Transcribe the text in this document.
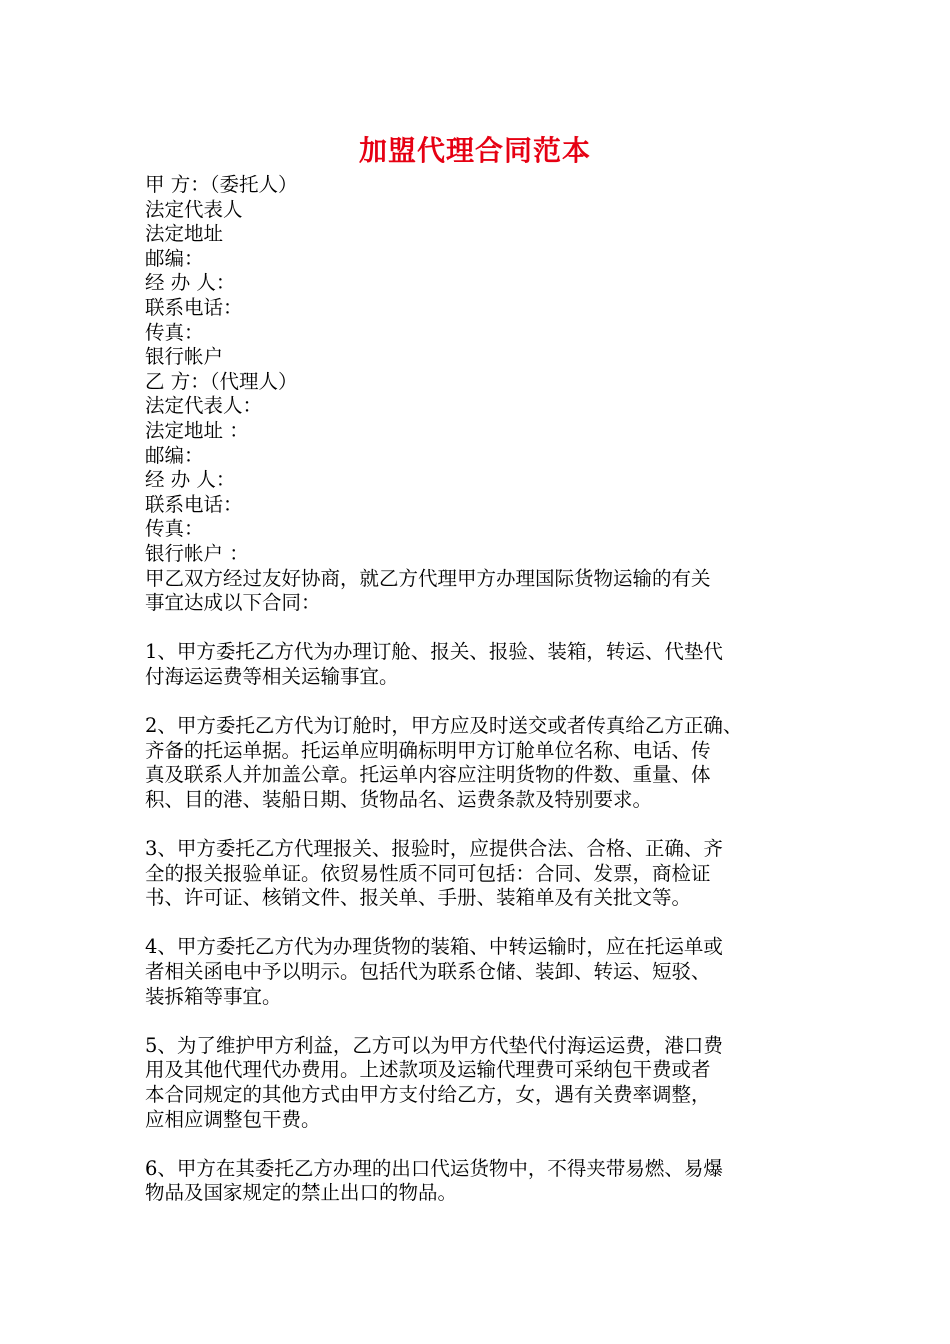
加盟代理合同范本
甲 方：（委托人）
法定代表人
法定地址
邮编：
经 办 人：
联系电话：
传真：
银行帐户
乙 方：（代理人）
法定代表人：
法定地址 ：
邮编：
经 办 人：
联系电话：
传真：
银行帐户 ：
甲乙双方经过友好协商，就乙方代理甲方办理国际货物运输的有关
事宜达成以下合同：

1、甲方委托乙方代为办理订舱、报关、报验、装箱，转运、代垫代

付海运运费等相关运输事宜。

2、甲方委托乙方代为订舱时，甲方应及时送交或者传真给乙方正确、

齐备的托运单据。托运单应明确标明甲方订舱单位名称、电话、传

真及联系人并加盖公章。托运单内容应注明货物的件数、重量、体

积、目的港、装船日期、货物品名、运费条款及特别要求。

3、甲方委托乙方代理报关、报验时，应提供合法、合格、正确、齐

全的报关报验单证。依贸易性质不同可包括：合同、发票，商检证

书、许可证、核销文件、报关单、手册、装箱单及有关批文等。

4、甲方委托乙方代为办理货物的装箱、中转运输时，应在托运单或

者相关函电中予以明示。包括代为联系仓储、装卸、转运、短驳、

装拆箱等事宜。

5、为了维护甲方利益，乙方可以为甲方代垫代付海运运费，港口费

用及其他代理代办费用。上述款项及运输代理费可采纳包干费或者

本合同规定的其他方式由甲方支付给乙方，女，遇有关费率调整，

应相应调整包干费。

6、甲方在其委托乙方办理的出口代运货物中，不得夹带易燃、易爆

物品及国家规定的禁止出口的物品。
